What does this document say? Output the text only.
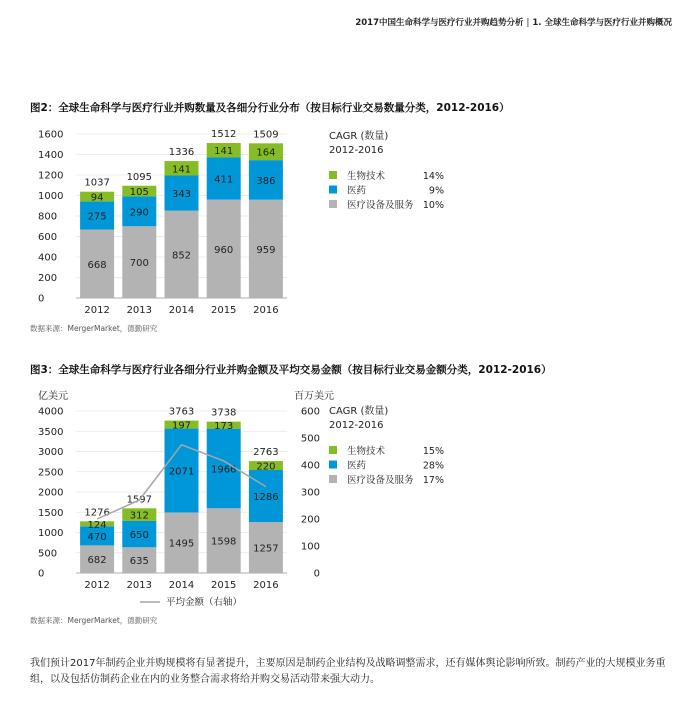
2017中国生命科学与医疗行业并购趋势分析 | 1. 全球生命科学与医疗行业并购概况
图2：全球生命科学与医疗行业并购数量及各细分行业分布（按目标行业交易数量分类，2012-2016）
0
200
400
600
800
1000
1200
1400
1600
668
275
94
1037
2012
700
290
105
1095
2013
852
343
141
1336
2014
960
411
141
1512
2015
959
386
164
1509
2016
CAGR (数量)
2012-2016
生物技术	14%
医药	9%
医疗设备及服务 10%
数据来源：MergerMarket，德勤研究
图3：全球生命科学与医疗行业各细分行业并购金额及平均交易金额（按目标行业交易金额分类，2012-2016）
0
500
1000
1500
2000
2500
3000
3500
4000
亿美元	百万美元
0
100
200
300
400
500
600
682
470
124
1276
2012
635
650
312
1597
2013
1495
2071
197
3763
2014
1598
1966
173
3738
2015
1257
1286
220
2763
2016
平均金额（右轴）
CAGR (数量)
2012-2016
生物技术	15%
医药	28%
医疗设备及服务 17%
数据来源：MergerMarket，德勤研究
我们预计2017年制药企业并购规模将有显著提升，主要原因是制药企业结构及战略调整需求，还有媒体舆论影响所致。制药产业的大规模业务重组，以及包括仿制药企业在内的业务整合需求将给并购交易活动带来强大动力。
